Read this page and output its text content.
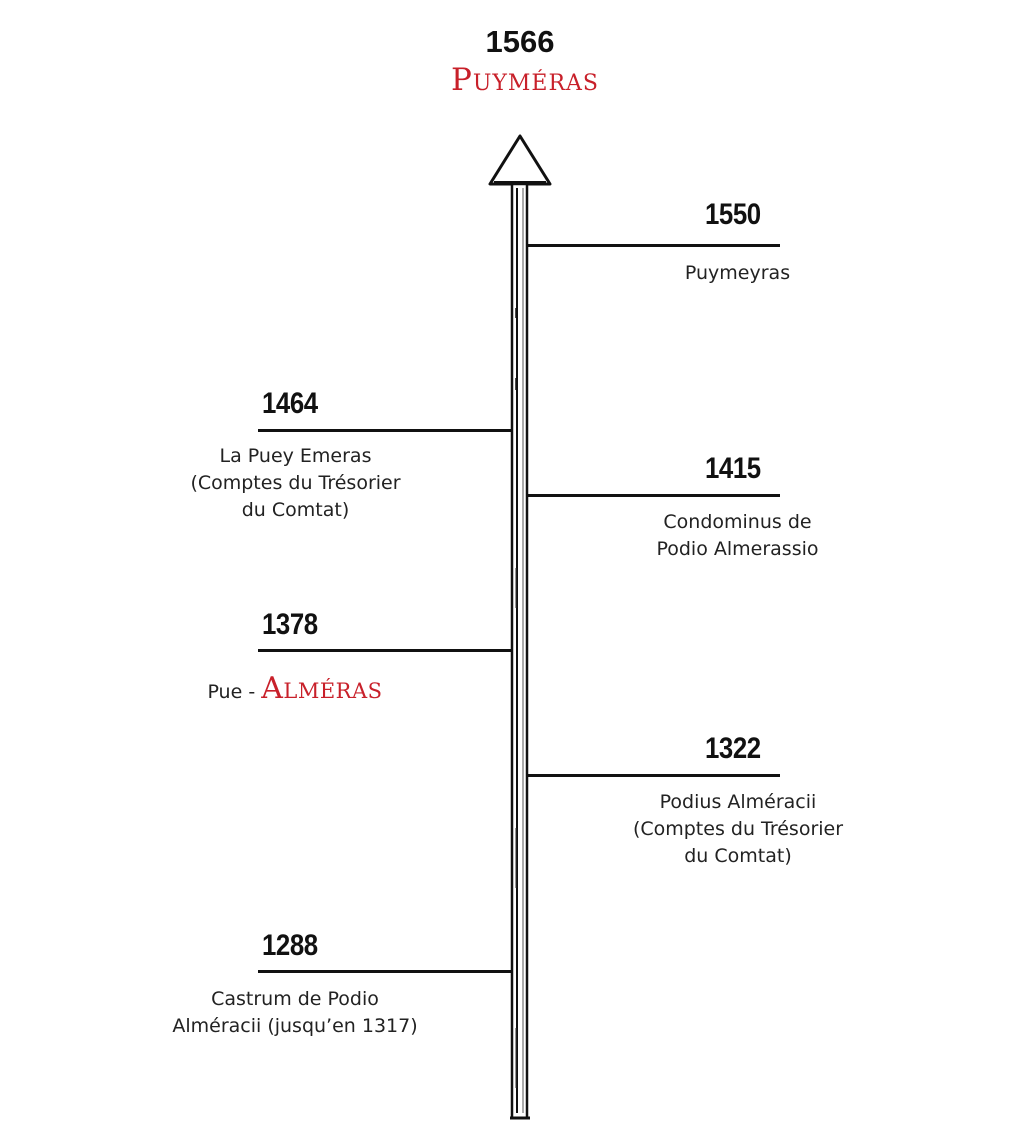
1566
Puyméras
1550
Puymeyras
1464
La Puey Emeras
(Comptes du Trésorier
du Comtat)
1415
Condominus de
Podio Almerassio
1378
Pue - Alméras
1322
Podius Alméracii
(Comptes du Trésorier
du Comtat)
1288
Castrum de Podio
Alméracii (jusqu’en 1317)
